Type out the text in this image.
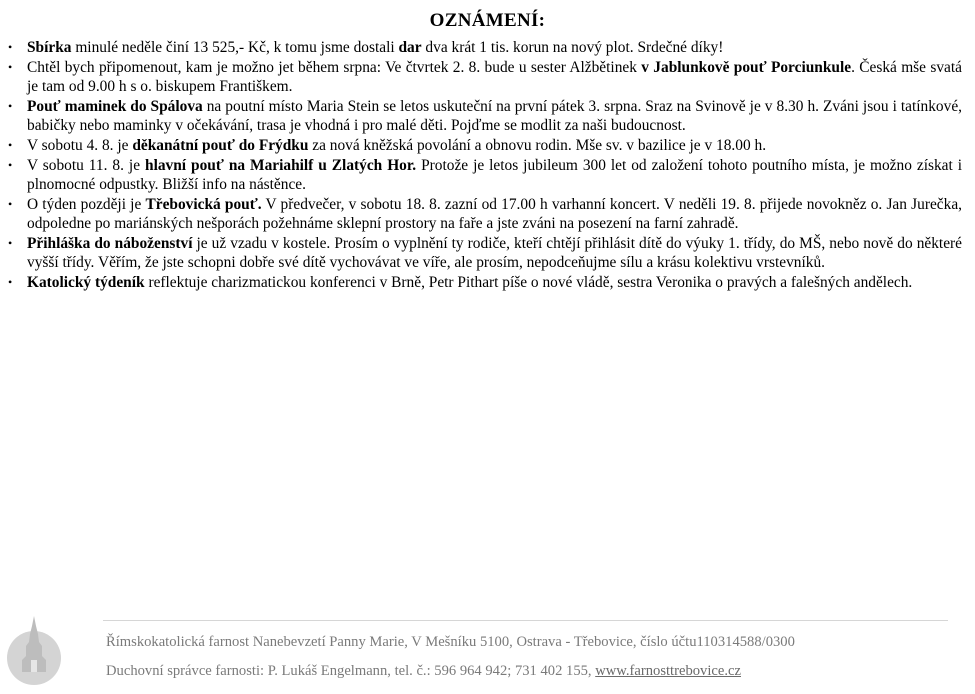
OZNÁMENÍ:
• Sbírka minulé neděle činí 13 525,- Kč, k tomu jsme dostali dar dva krát 1 tis. korun na nový plot. Srdečné díky!
• Chtěl bych připomenout, kam je možno jet během srpna: Ve čtvrtek 2. 8. bude u sester Alžbětinek v Jablunkově pouť Porciunkule. Česká mše svatá je tam od 9.00 h s o. biskupem Františkem.
• Pouť maminek do Spálova na poutní místo Maria Stein se letos uskuteční na první pátek 3. srpna. Sraz na Svinově je v 8.30 h. Zváni jsou i tatínkové, babičky nebo maminky v očekávání, trasa je vhodná i pro malé děti. Pojďme se modlit za naši budoucnost.
• V sobotu 4. 8. je děkanátní pouť do Frýdku za nová kněžská povolání a obnovu rodin. Mše sv. v bazilice je v 18.00 h.
• V sobotu 11. 8. je hlavní pouť na Mariahilf u Zlatých Hor. Protože je letos jubileum 300 let od založení tohoto poutního místa, je možno získat i plnomocné odpustky. Bližší info na nástěnce.
• O týden později je Třebovická pouť. V předvečer, v sobotu 18. 8. zazní od 17.00 h varhanní koncert. V neděli 19. 8. přijede novokněz o. Jan Jurečka, odpoledne po mariánských nešporách požehnáme sklepní prostory na faře a jste zváni na posezení na farní zahradě.
• Přihláška do náboženství je už vzadu v kostele. Prosím o vyplnění ty rodiče, kteří chtějí přihlásit dítě do výuky 1. třídy, do MŠ, nebo nově do některé vyšší třídy. Věřím, že jste schopni dobře své dítě vychovávat ve víře, ale prosím, nepodceňujme sílu a krásu kolektivu vrstevníků.
• Katolický týdeník reflektuje charizmatickou konferenci v Brně, Petr Pithart píše o nové vládě, sestra Veronika o pravých a falešných andělech.
Římskokatolická farnost Nanebevzetí Panny Marie, V Mešníku 5100, Ostrava - Třebovice, číslo účtu110314588/0300
Duchovní správce farnosti: P. Lukáš Engelmann, tel. č.: 596 964 942; 731 402 155, www.farnosttrebovice.cz
